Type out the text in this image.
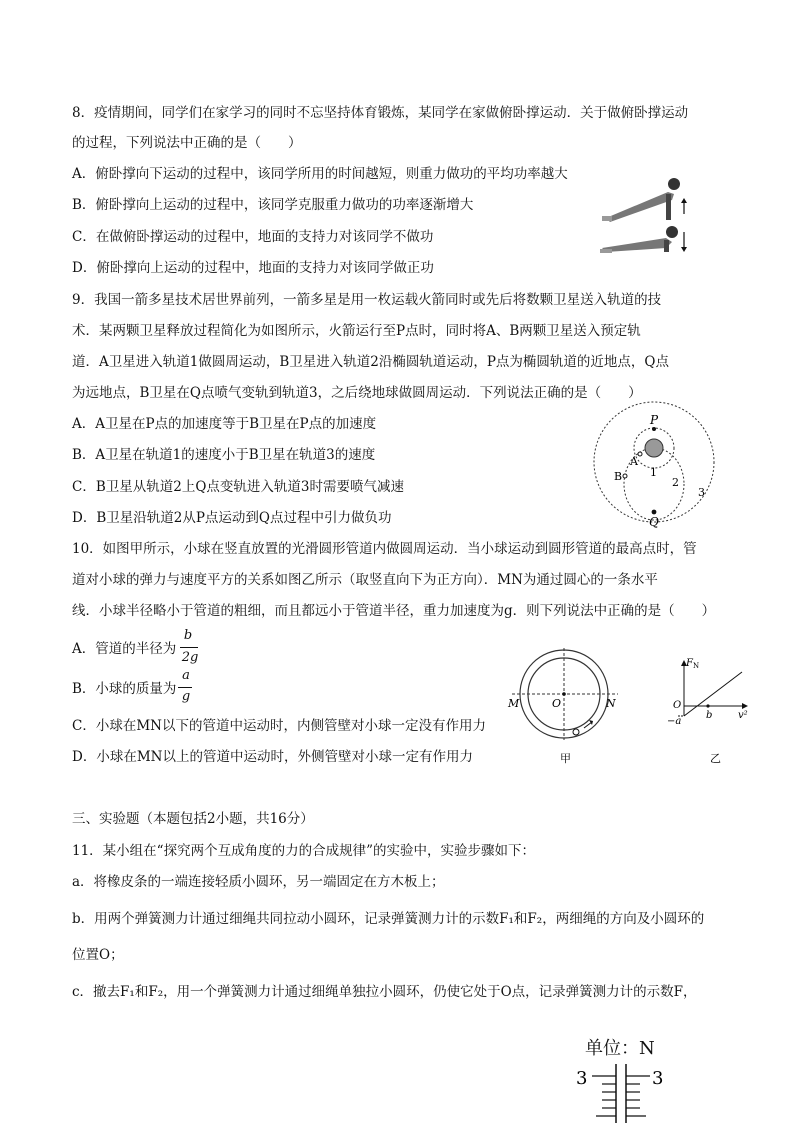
8．疫情期间，同学们在家学习的同时不忘坚持体育锻炼，某同学在家做俯卧撑运动．关于做俯卧撑运动
的过程，下列说法中正确的是（　　）
A．俯卧撑向下运动的过程中，该同学所用的时间越短，则重力做功的平均功率越大
B．俯卧撑向上运动的过程中，该同学克服重力做功的功率逐渐增大
C．在做俯卧撑运动的过程中，地面的支持力对该同学不做功
D．俯卧撑向上运动的过程中，地面的支持力对该同学做正功
9．我国一箭多星技术居世界前列，一箭多星是用一枚运载火箭同时或先后将数颗卫星送入轨道的技
术．某两颗卫星释放过程简化为如图所示，火箭运行至P点时，同时将A、B两颗卫星送入预定轨
道．A卫星进入轨道1做圆周运动，B卫星进入轨道2沿椭圆轨道运动，P点为椭圆轨道的近地点，Q点
为远地点，B卫星在Q点喷气变轨到轨道3，之后绕地球做圆周运动．下列说法正确的是（　　）
A．A卫星在P点的加速度等于B卫星在P点的加速度
B．A卫星在轨道1的速度小于B卫星在轨道3的速度
C．B卫星从轨道2上Q点变轨进入轨道3时需要喷气减速
D．B卫星沿轨道2从P点运动到Q点过程中引力做负功
P
Q
A
B	1
2
3
10．如图甲所示，小球在竖直放置的光滑圆形管道内做圆周运动．当小球运动到圆形管道的最高点时，管
道对小球的弹力与速度平方的关系如图乙所示（取竖直向下为正方向）．MN为通过圆心的一条水平
线．小球半径略小于管道的粗细，而且都远小于管道半径，重力加速度为g．则下列说法中正确的是（　　）
A．管道的半径为
b
2g
B．小球的质量为
a
g
C．小球在MN以下的管道中运动时，内侧管壁对小球一定没有作用力
D．小球在MN以上的管道中运动时，外侧管壁对小球一定有作用力
M	N
O
甲
F N
O
−a
b	v²
乙
三、实验题（本题包括2小题，共16分）
11．某小组在“探究两个互成角度的力的合成规律”的实验中，实验步骤如下：
a．将橡皮条的一端连接轻质小圆环，另一端固定在方木板上；
b．用两个弹簧测力计通过细绳共同拉动小圆环，记录弹簧测力计的示数F₁和F₂，两细绳的方向及小圆环的
位置O；
c．撤去F₁和F₂，用一个弹簧测力计通过细绳单独拉小圆环，仍使它处于O点，记录弹簧测力计的示数F，
单位：N
3	3
